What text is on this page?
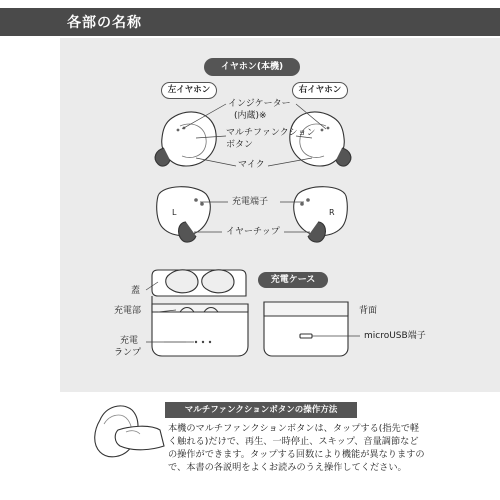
各部の名称
イヤホン(本機)
左イヤホン	右イヤホン
インジケーター
(内蔵)※
マルチファンクション
ボタン
マイク
充電端子
イヤーチップ
L	R
充電ケース
背面
蓋
充電部
充電
ランプ
microUSB端子
マルチファンクションボタンの操作方法
本機のマルチファンクションボタンは、タップする(指先で軽
く触れる)だけで、再生、一時停止、スキップ、音量調節など
の操作ができます。タップする回数により機能が異なりますの
で、本書の各説明をよくお読みのうえ操作してください。
